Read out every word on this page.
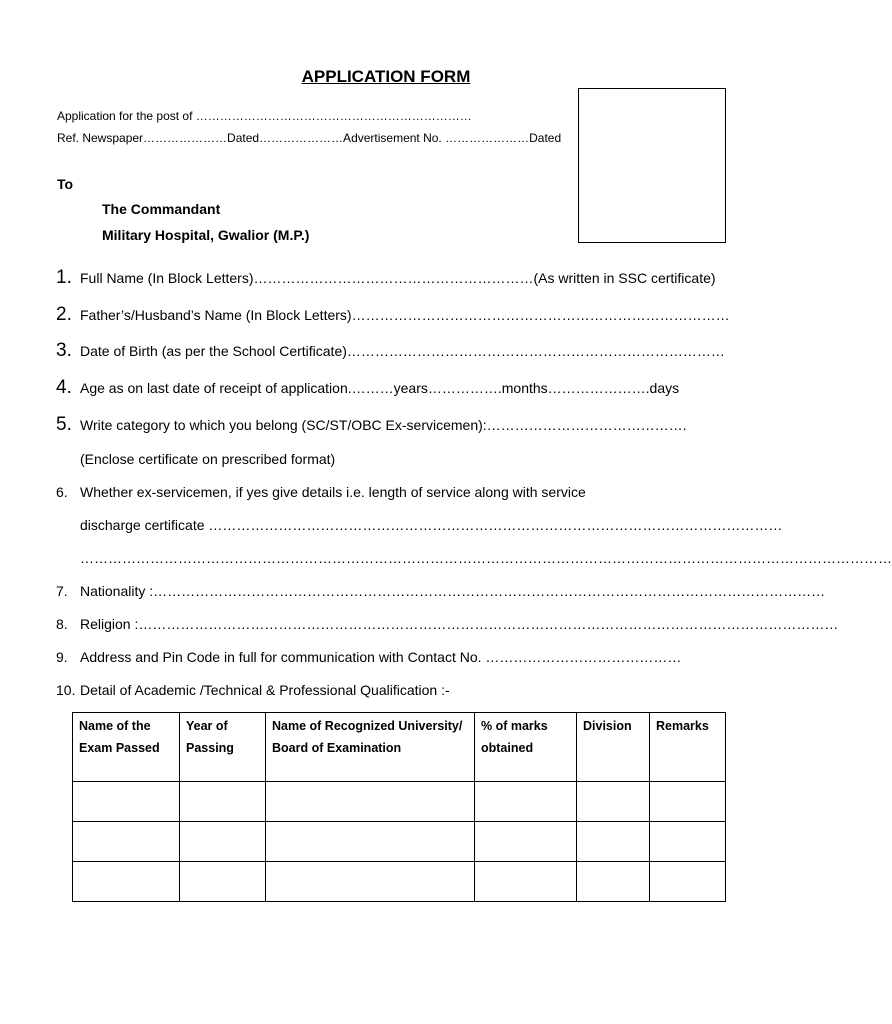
APPLICATION FORM
Application for the post of ……………………………………………………………
Ref. Newspaper…………………Dated…………………Advertisement No. …………………Dated
To
The Commandant
Military Hospital, Gwalior (M.P.)
1. Full Name (In Block Letters)……………………………………………………(As written in SSC certificate)
2. Father’s/Husband’s Name (In Block Letters)………………………………………………………………………
3. Date of Birth (as per the School Certificate)………………………………………………………………………
4. Age as on last date of receipt of application.………years…………….months………………….days
5. Write category to which you belong (SC/ST/OBC Ex-servicemen):…………………………………….
(Enclose certificate on prescribed format)
6. Whether ex-servicemen, if yes give details i.e. length of service along with service
discharge certificate ……………………………………………………………………………………………………………
…………………………………………………………………………………………………………………………………………………………
7. Nationality :………………………………………………………………………………………………………………………………
8. Religion :……………………………………………………………………………………………………………………………………
9. Address and Pin Code in full for communication with Contact No. ……………………………………
10. Detail of Academic /Technical & Professional Qualification :-
Name of the Exam Passed	Year of Passing	Name of Recognized University/ Board of Examination	% of marks obtained	Division	Remarks
